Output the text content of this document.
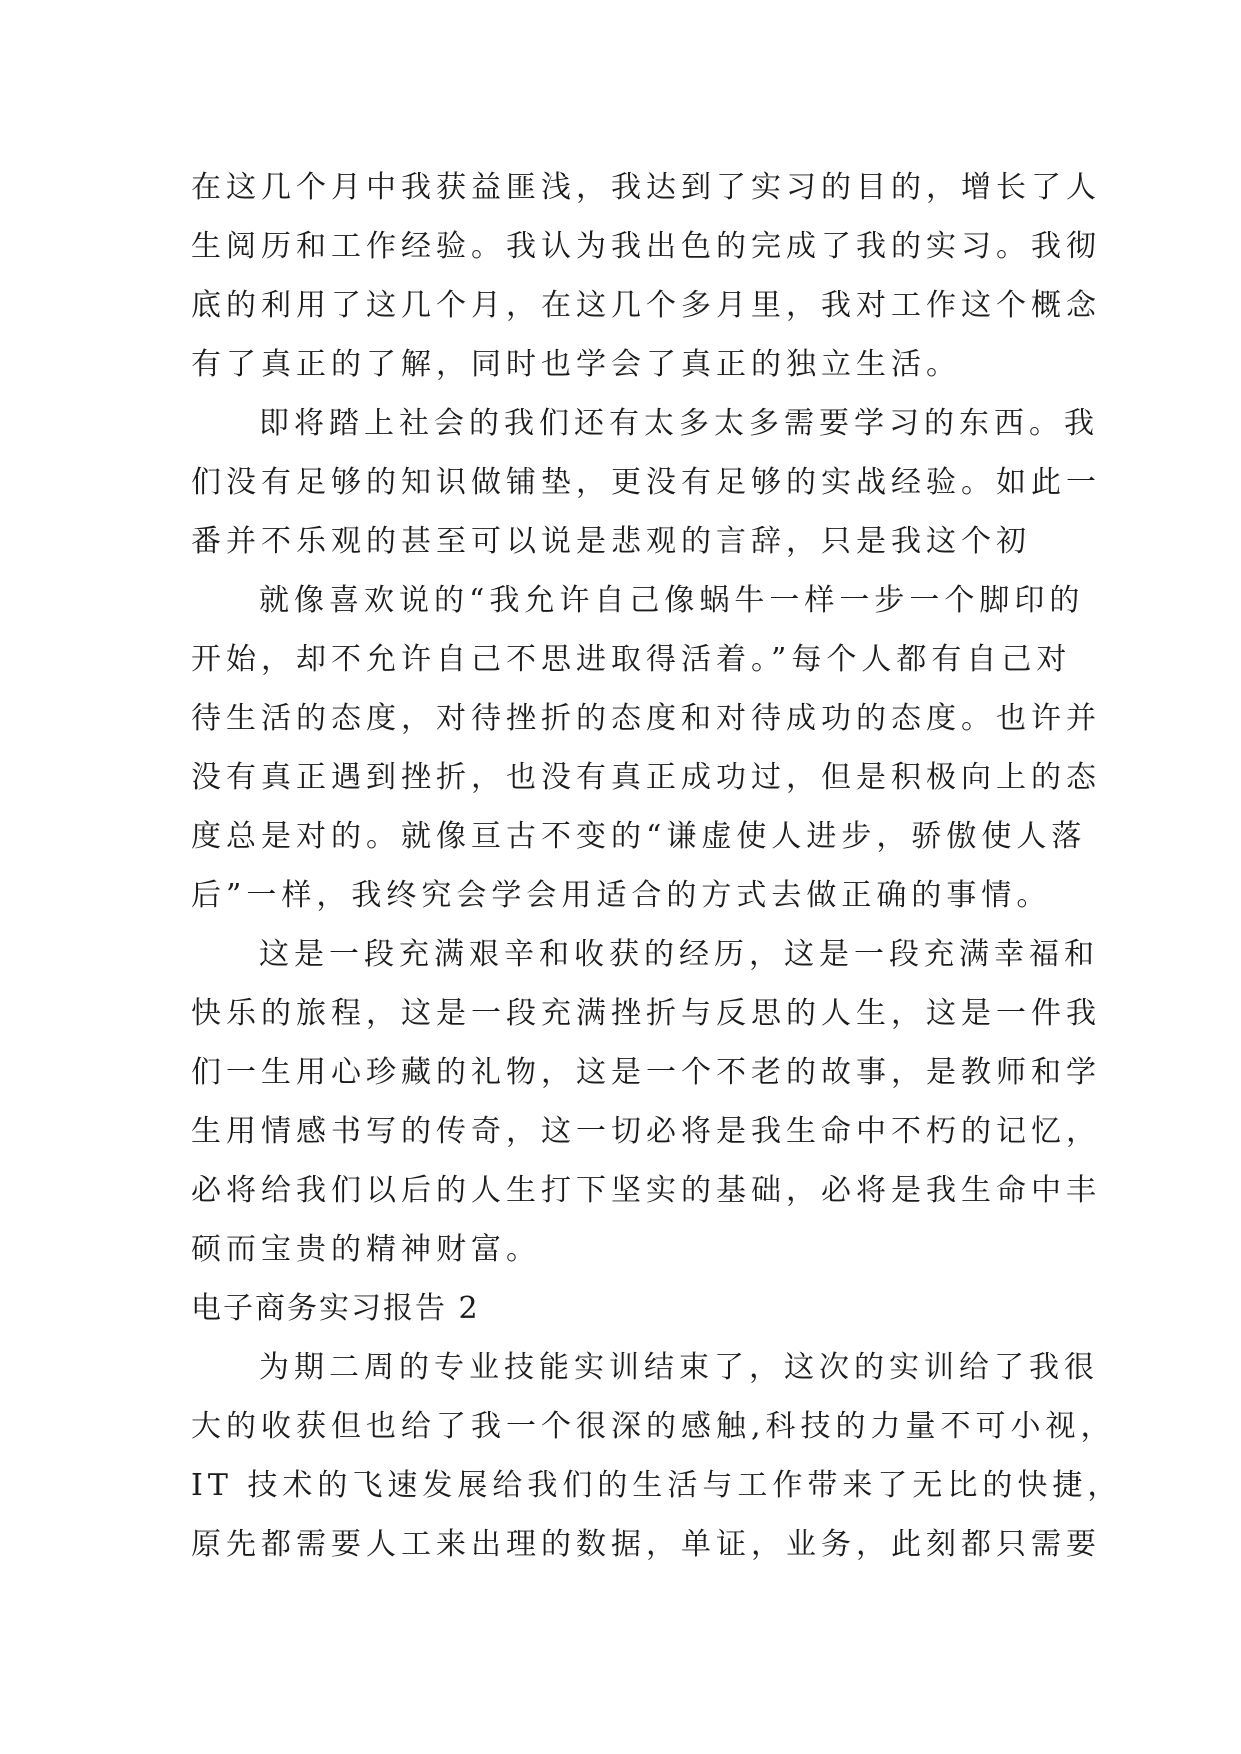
在这几个月中我获益匪浅，我达到了实习的目的，增长了人
生阅历和工作经验。我认为我出色的完成了我的实习。我彻
底的利用了这几个月，在这几个多月里，我对工作这个概念
有了真正的了解，同时也学会了真正的独立生活。
即将踏上社会的我们还有太多太多需要学习的东西。我
们没有足够的知识做铺垫，更没有足够的实战经验。如此一
番并不乐观的甚至可以说是悲观的言辞，只是我这个初
就像喜欢说的“我允许自己像蜗牛一样一步一个脚印的
开始，却不允许自己不思进取得活着。”每个人都有自己对
待生活的态度，对待挫折的态度和对待成功的态度。也许并
没有真正遇到挫折，也没有真正成功过，但是积极向上的态
度总是对的。就像亘古不变的“谦虚使人进步，骄傲使人落
后”一样，我终究会学会用适合的方式去做正确的事情。
这是一段充满艰辛和收获的经历，这是一段充满幸福和
快乐的旅程，这是一段充满挫折与反思的人生，这是一件我
们一生用心珍藏的礼物，这是一个不老的故事，是教师和学
生用情感书写的传奇，这一切必将是我生命中不朽的记忆，
必将给我们以后的人生打下坚实的基础，必将是我生命中丰
硕而宝贵的精神财富。
电子商务实习报告 2
为期二周的专业技能实训结束了，这次的实训给了我很
大的收获但也给了我一个很深的感触,科技的力量不可小视，
IT 技术的飞速发展给我们的生活与工作带来了无比的快捷，
原先都需要人工来出理的数据，单证，业务，此刻都只需要
